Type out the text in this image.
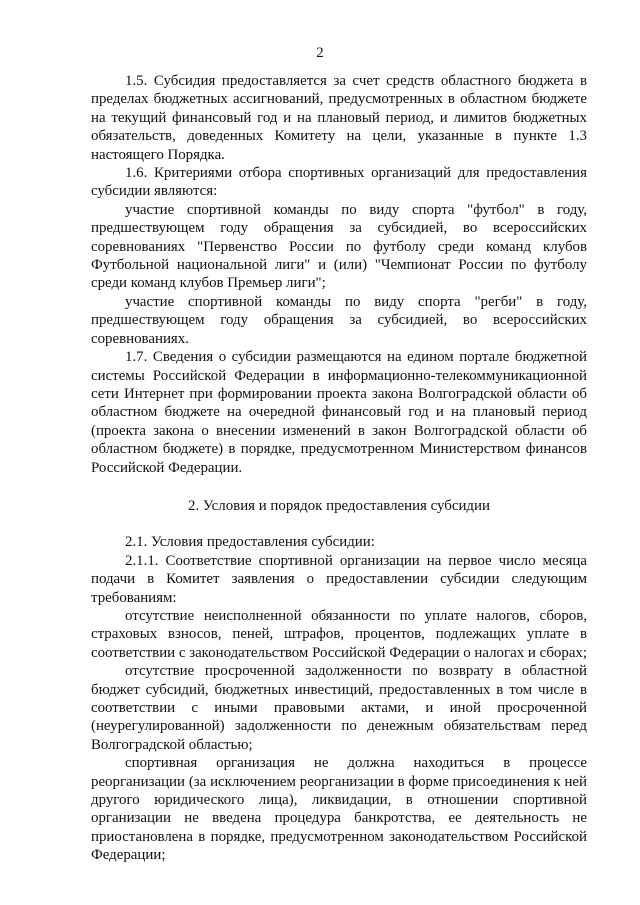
2

1.5. Субсидия предоставляется за счет средств областного бюджета в пределах бюджетных ассигнований, предусмотренных в областном бюджете на текущий финансовый год и на плановый период, и лимитов бюджетных обязательств, доведенных Комитету на цели, указанные в пункте 1.3 настоящего Порядка.

1.6. Критериями отбора спортивных организаций для предоставления субсидии являются:

участие спортивной команды по виду спорта "футбол" в году, предшествующем году обращения за субсидией, во всероссийских соревнованиях "Первенство России по футболу среди команд клубов Футбольной национальной лиги" и (или) "Чемпионат России по футболу среди команд клубов Премьер лиги";

участие спортивной команды по виду спорта "регби" в году, предшествующем году обращения за субсидией, во всероссийских соревнованиях.

1.7. Сведения о субсидии размещаются на едином портале бюджетной системы Российской Федерации в информационно-телекоммуникационной сети Интернет при формировании проекта закона Волгоградской области об областном бюджете на очередной финансовый год и на плановый период (проекта закона о внесении изменений в закон Волгоградской области об областном бюджете) в порядке, предусмотренном Министерством финансов Российской Федерации.

2. Условия и порядок предоставления субсидии

2.1. Условия предоставления субсидии:

2.1.1. Соответствие спортивной организации на первое число месяца подачи в Комитет заявления о предоставлении субсидии следующим требованиям:

отсутствие неисполненной обязанности по уплате налогов, сборов, страховых взносов, пеней, штрафов, процентов, подлежащих уплате в соответствии с законодательством Российской Федерации о налогах и сборах;

отсутствие просроченной задолженности по возврату в областной бюджет субсидий, бюджетных инвестиций, предоставленных в том числе в соответствии с иными правовыми актами, и иной просроченной (неурегулированной) задолженности по денежным обязательствам перед Волгоградской областью;

спортивная организация не должна находиться в процессе реорганизации (за исключением реорганизации в форме присоединения к ней другого юридического лица), ликвидации, в отношении спортивной организации не введена процедура банкротства, ее деятельность не приостановлена в порядке, предусмотренном законодательством Российской Федерации;
